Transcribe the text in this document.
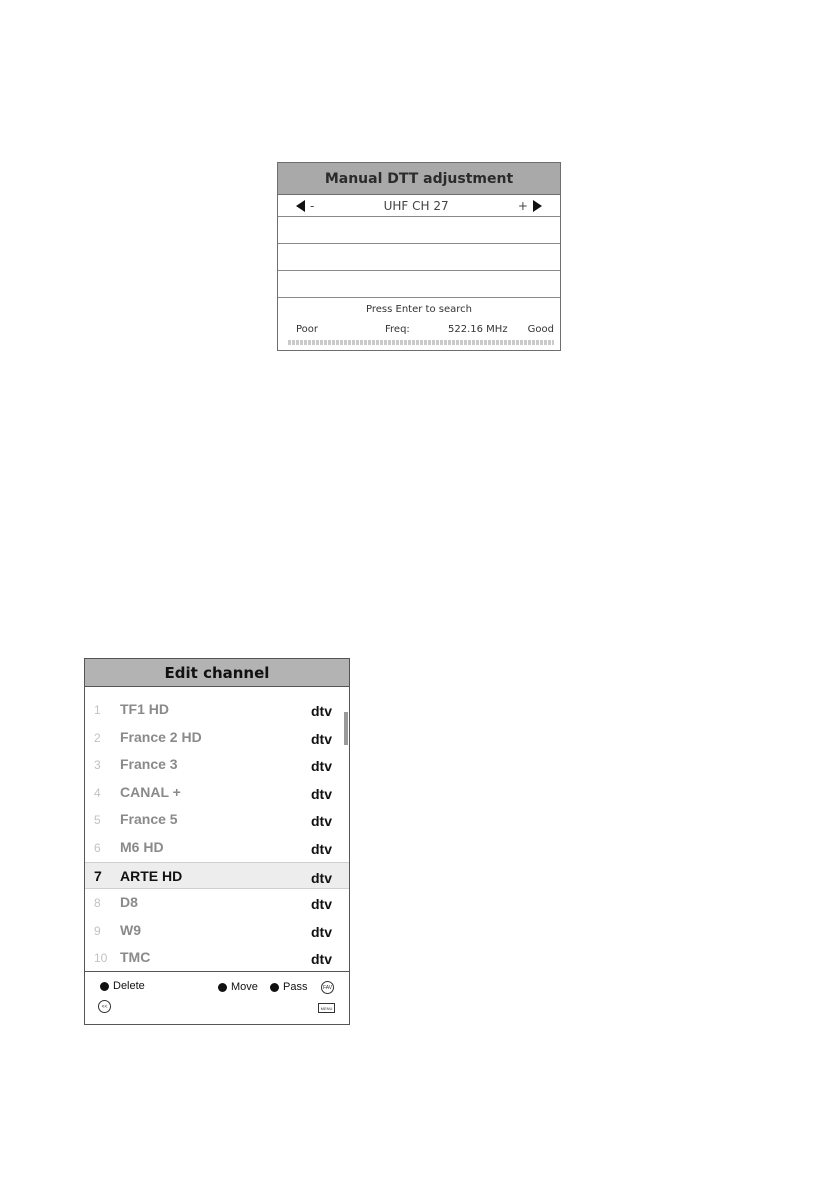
Manual DTT adjustment
-	UHF CH 27	+
Press Enter to search
Poor	Freq:	522.16 MHz Good
Edit channel
1 TF1 HD	dtv
2 France 2 HD	dtv
3 France 3	dtv
4 CANAL +	dtv
5 France 5	dtv
6 M6 HD	dtv
7 ARTE HD	dtv
8 D8	dtv
9 W9	dtv
10 TMC	dtv
Delete	Move Pass	FAV
<<	MENU
